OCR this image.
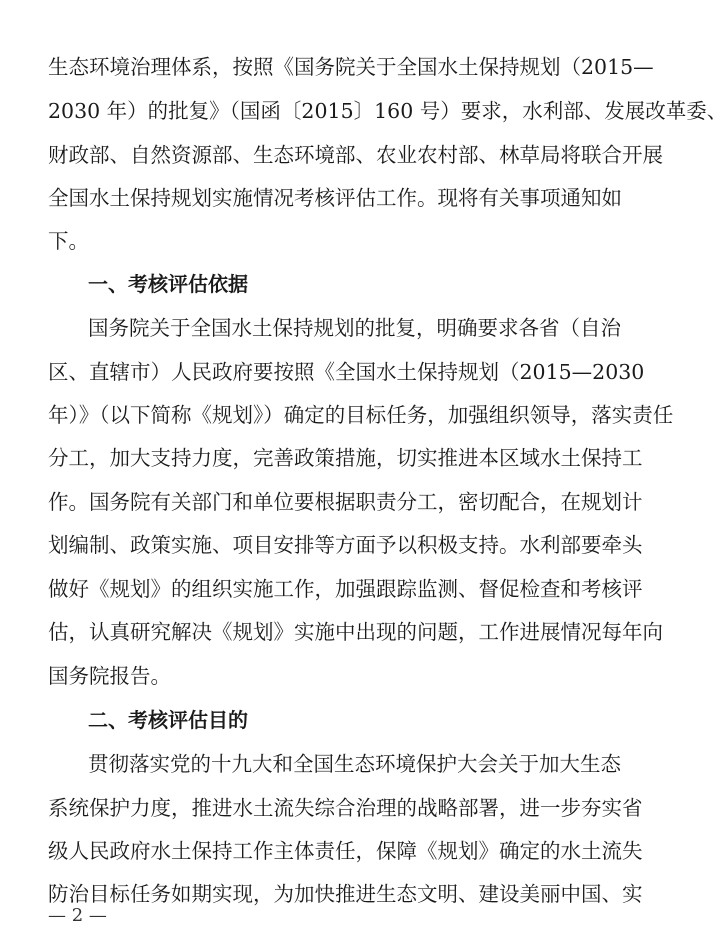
生态环境治理体系，按照《国务院关于全国水土保持规划（2015—
2030 年）的批复》（国函〔2015〕160 号）要求，水利部、发展改革委、
财政部、自然资源部、生态环境部、农业农村部、林草局将联合开展
全国水土保持规划实施情况考核评估工作。现将有关事项通知如
下。
一、考核评估依据
国务院关于全国水土保持规划的批复，明确要求各省（自治
区、直辖市）人民政府要按照《全国水土保持规划（2015—2030
年）》（以下简称《规划》）确定的目标任务，加强组织领导，落实责任
分工，加大支持力度，完善政策措施，切实推进本区域水土保持工
作。国务院有关部门和单位要根据职责分工，密切配合，在规划计
划编制、政策实施、项目安排等方面予以积极支持。水利部要牵头
做好《规划》的组织实施工作，加强跟踪监测、督促检查和考核评
估，认真研究解决《规划》实施中出现的问题，工作进展情况每年向
国务院报告。
二、考核评估目的
贯彻落实党的十九大和全国生态环境保护大会关于加大生态
系统保护力度，推进水土流失综合治理的战略部署，进一步夯实省
级人民政府水土保持工作主体责任，保障《规划》确定的水土流失
防治目标任务如期实现，为加快推进生态文明、建设美丽中国、实
— 2 —
